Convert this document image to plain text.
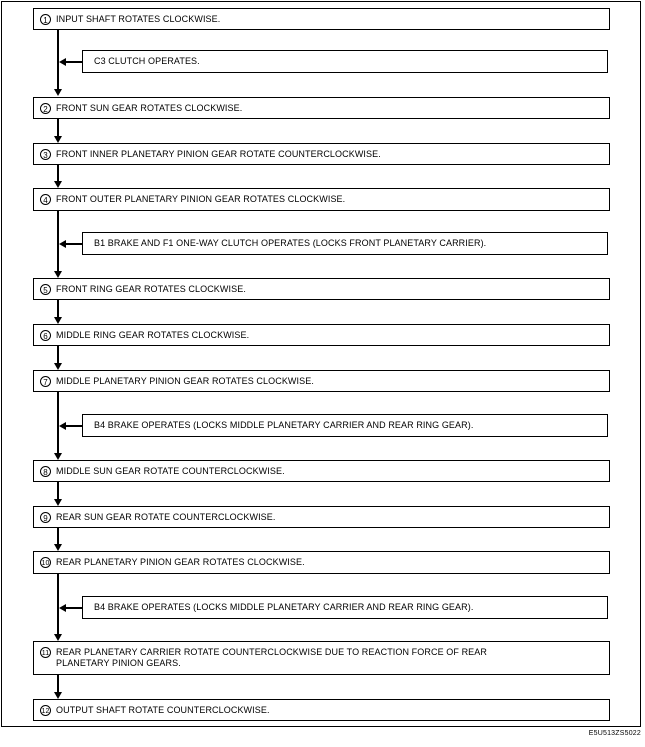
1 INPUT SHAFT ROTATES CLOCKWISE.
2 FRONT SUN GEAR ROTATES CLOCKWISE.
3 FRONT INNER PLANETARY PINION GEAR ROTATE COUNTERCLOCKWISE.
4 FRONT OUTER PLANETARY PINION GEAR ROTATES CLOCKWISE.
5 FRONT RING GEAR ROTATES CLOCKWISE.
6 MIDDLE RING GEAR ROTATES CLOCKWISE.
7 MIDDLE PLANETARY PINION GEAR ROTATES CLOCKWISE.
8 MIDDLE SUN GEAR ROTATE COUNTERCLOCKWISE.
9 REAR SUN GEAR ROTATE COUNTERCLOCKWISE.
10 REAR PLANETARY PINION GEAR ROTATES CLOCKWISE.
11 REAR PLANETARY CARRIER ROTATE COUNTERCLOCKWISE DUE TO REACTION FORCE OF REAR PLANETARY PINION GEARS.
12 OUTPUT SHAFT ROTATE COUNTERCLOCKWISE.
C3 CLUTCH OPERATES.
B1 BRAKE AND F1 ONE-WAY CLUTCH OPERATES (LOCKS FRONT PLANETARY CARRIER).
B4 BRAKE OPERATES (LOCKS MIDDLE PLANETARY CARRIER AND REAR RING GEAR).
B4 BRAKE OPERATES (LOCKS MIDDLE PLANETARY CARRIER AND REAR RING GEAR).
E5U513ZS5022
